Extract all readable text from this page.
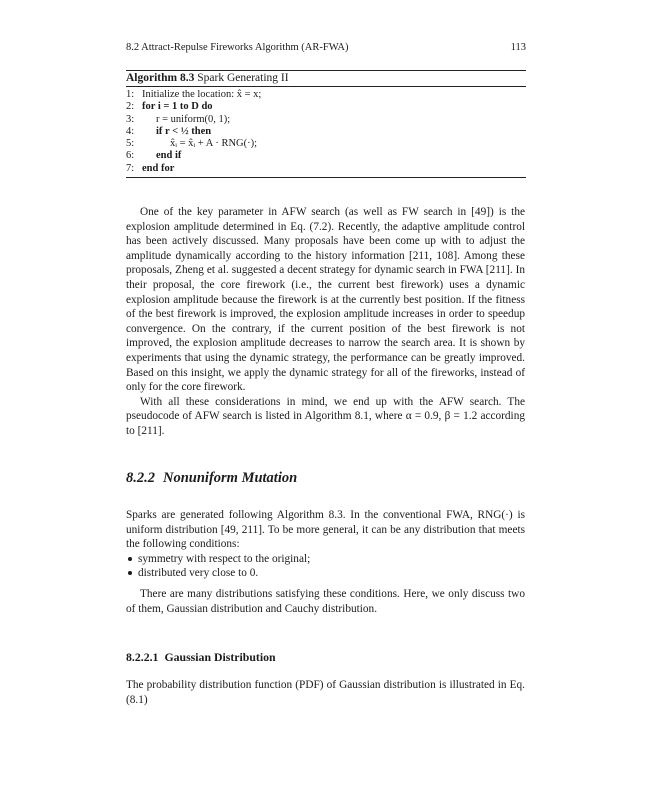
8.2 Attract-Repulse Fireworks Algorithm (AR-FWA)	113
Algorithm 8.3 Spark Generating II
1: Initialize the location: x̂ = x;
2: for i = 1 to D do
3: r = uniform(0, 1);
4: if r < ½ then
5:	x̂ᵢ = x̂ᵢ + A · RNG(·);
6: end if
7: end for

One of the key parameter in AFW search (as well as FW search in [49]) is the explosion amplitude determined in Eq. (7.2). Recently, the adaptive amplitude control has been actively discussed. Many proposals have been come up with to adjust the amplitude dynamically according to the history information [211, 108]. Among these proposals, Zheng et al. suggested a decent strategy for dynamic search in FWA [211]. In their proposal, the core firework (i.e., the current best firework) uses a dynamic explosion amplitude because the firework is at the currently best position. If the fitness of the best firework is improved, the explosion amplitude increases in order to speedup convergence. On the contrary, if the current position of the best firework is not improved, the explosion amplitude decreases to narrow the search area. It is shown by experiments that using the dynamic strategy, the performance can be greatly improved. Based on this insight, we apply the dynamic strategy for all of the fireworks, instead of only for the core firework.

With all these considerations in mind, we end up with the AFW search. The pseudocode of AFW search is listed in Algorithm 8.1, where α = 0.9, β = 1.2 according to [211].

8.2.2 Nonuniform Mutation

Sparks are generated following Algorithm 8.3. In the conventional FWA, RNG(·) is uniform distribution [49, 211]. To be more general, it can be any distribution that meets the following conditions:

symmetry with respect to the original;
distributed very close to 0.

There are many distributions satisfying these conditions. Here, we only discuss two of them, Gaussian distribution and Cauchy distribution.

8.2.2.1 Gaussian Distribution

The probability distribution function (PDF) of Gaussian distribution is illustrated in Eq. (8.1)
